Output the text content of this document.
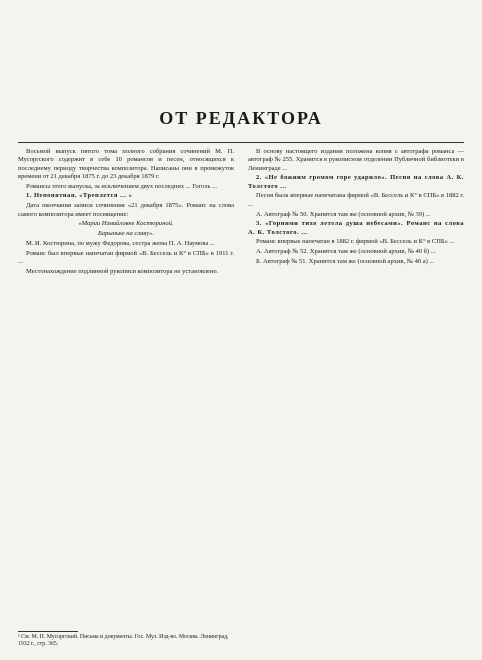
ОТ РЕДАКТОРА

Восьмой выпуск пятого тома полного собрания сочинений М. П. Мусоргского содержит в себе 10 романсов и песен, относящихся к последнему периоду творчества композитора. Написаны они в промежуток времени от 21 декабря 1875 г. до 23 декабря 1879 г.

Романсы этого выпуска, за исключением двух последних ... Гоголь ...

1. Непонятная. «Треплется ... »

Дата окончания записи сочинения «21 декабря 1875». Романс на слова самого композитора имеет посвящение:

«Марии Измайловне Костюриной.

Барыньке на славу».

М. И. Костюрина, по мужу Федорова, сестра жены П. А. Наумова ...

Романс был впервые напечатан фирмой «В. Бессель и К° в СПБ» в 1911 г. ...

Местонахождение подлинной рукописи композитора не установлено.

В основу настоящего издания положена копия с автографа романса — автограф № 255. Хранится в рукописном отделении Публичной библиотеки в Ленинграде ...

2. «Не божиим громом горе ударило». Песня на слова А. К. Толстого ...

Песня была впервые напечатана фирмой «В. Бессель и К° в СПБ» в 1882 г. ...

А. Автограф № 50. Хранится там же (основной архив, № 39) ...

3. «Горними тихо летела душа небесами». Романс на слова А. К. Толстого. ...

Романс впервые напечатан в 1882 г. фирмой «В. Бессель и К° в СПБ» ...

А. Автограф № 52. Хранится там же (основной архив, № 40 б) ...

Б. Автограф № 51. Хранится там же (основной архив, № 40 а) ...

¹ См. М. П. Мусоргский. Письма и документы. Гос. Муз. Изд-во. Москва. Ленинград, 1932 г., стр. 365.
